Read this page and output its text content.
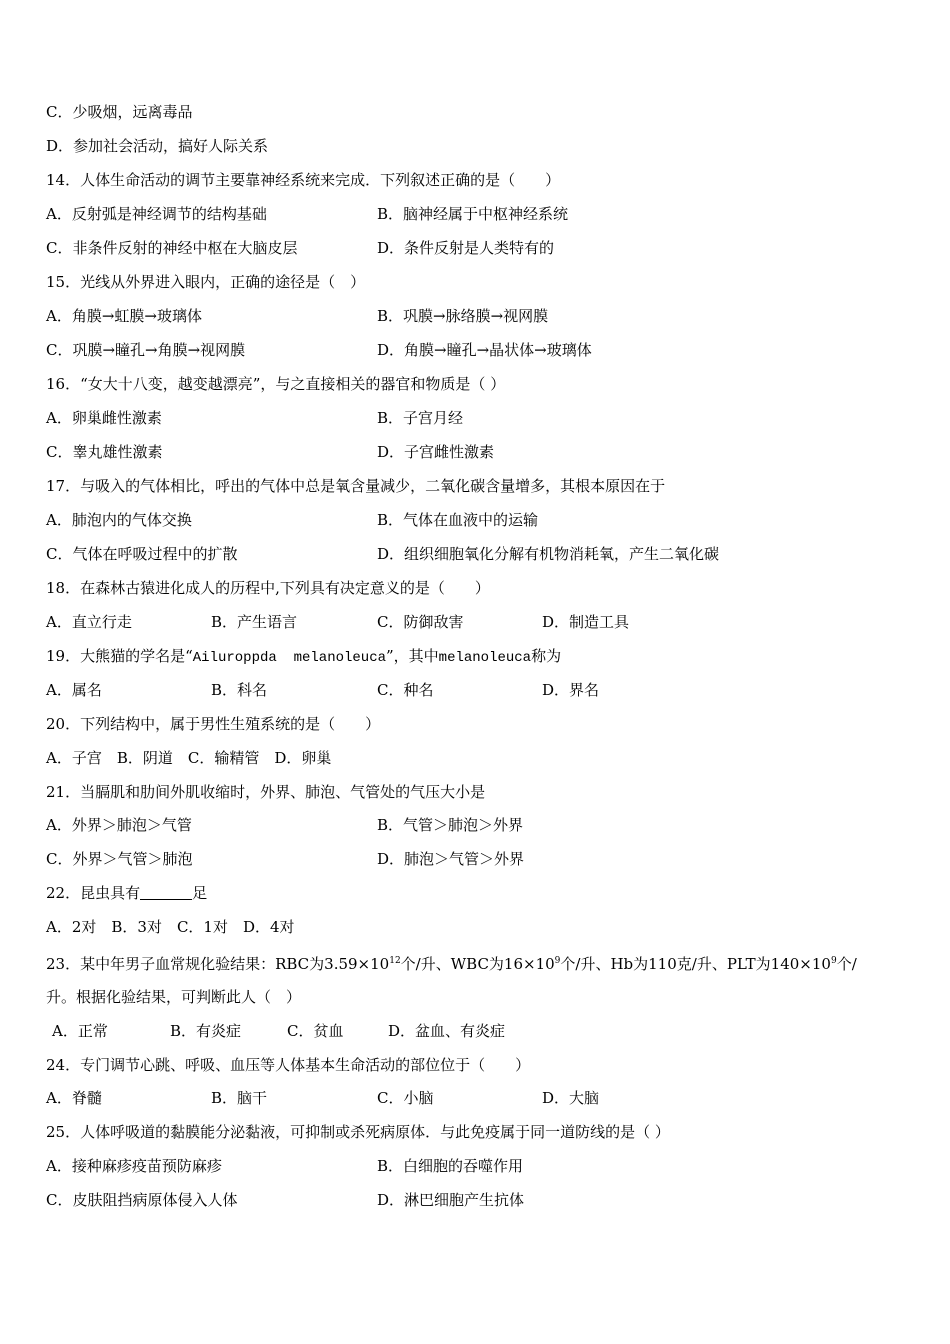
C．少吸烟，远离毒品
D．参加社会活动，搞好人际关系
14．人体生命活动的调节主要靠神经系统来完成．下列叙述正确的是（　　）
A．反射弧是神经调节的结构基础	B．脑神经属于中枢神经系统
C．非条件反射的神经中枢在大脑皮层	D．条件反射是人类特有的
15．光线从外界进入眼内，正确的途径是（　）
A．角膜→虹膜→玻璃体	B．巩膜→脉络膜→视网膜
C．巩膜→瞳孔→角膜→视网膜	D．角膜→瞳孔→晶状体→玻璃体
16．“女大十八变，越变越漂亮”，与之直接相关的器官和物质是（ ）
A．卵巢雌性激素	B．子宫月经
C．睾丸雄性激素	D．子宫雌性激素
17．与吸入的气体相比，呼出的气体中总是氧含量减少，二氧化碳含量增多，其根本原因在于
A．肺泡内的气体交换	B．气体在血液中的运输
C．气体在呼吸过程中的扩散	D．组织细胞氧化分解有机物消耗氧，产生二氧化碳
18．在森林古猿进化成人的历程中,下列具有决定意义的是（　　）
A．直立行走	B．产生语言	C．防御敌害	D．制造工具
19．大熊猫的学名是“Ailuroppda  melanoleuca”，其中melanoleuca称为
A．属名	B．科名	C．种名	D．界名
20．下列结构中，属于男性生殖系统的是（　　）
A．子宫　B．阴道　C．输精管　D．卵巢
21．当膈肌和肋间外肌收缩时，外界、肺泡、气管处的气压大小是
A．外界＞肺泡＞气管	B．气管＞肺泡＞外界
C．外界＞气管＞肺泡	D．肺泡＞气管＞外界
22．昆虫具有	足
A．2对　B．3对　C．1对　D．4对
23．某中年男子血常规化验结果：RBC为$3.59\times 10^{12}$个/升、WBC为$16\times 10^9$个/升、Hb为110克/升、PLT为$140\times 10^9$个/
升。根据化验结果，可判断此人（　）
A．正常	B．有炎症	C．贫血	D．盆血、有炎症
24．专门调节心跳、呼吸、血压等人体基本生命活动的部位位于（　　）
A．脊髓	B．脑干	C．小脑	D．大脑
25．人体呼吸道的黏膜能分泌黏液，可抑制或杀死病原体．与此免疫属于同一道防线的是（ ）
A．接种麻疹疫苗预防麻疹	B．白细胞的吞噬作用
C．皮肤阻挡病原体侵入人体	D．淋巴细胞产生抗体
